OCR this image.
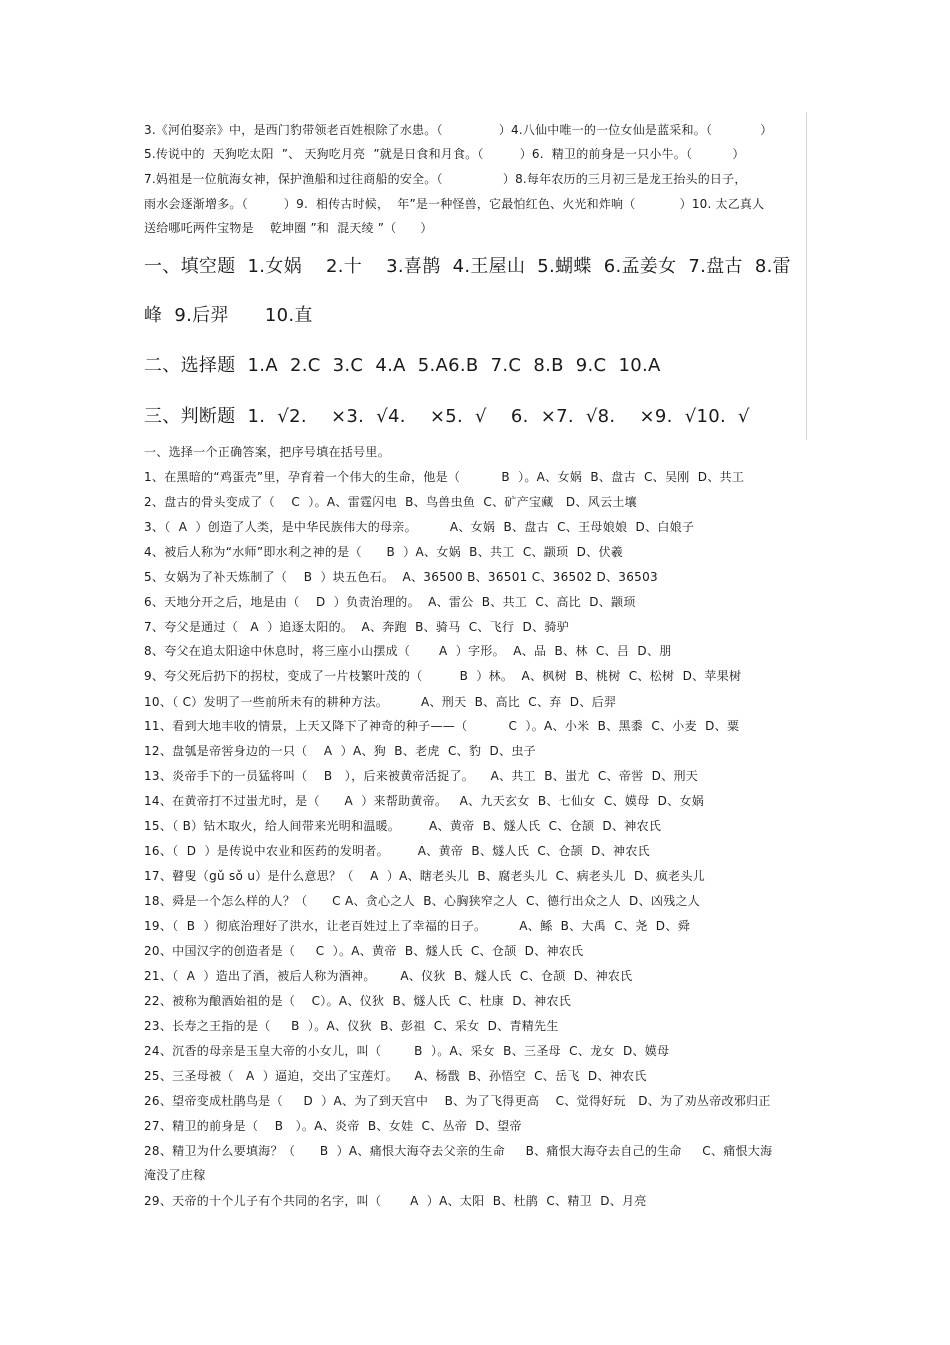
3.《河伯娶亲》中，是西门豹带领老百姓根除了水患。（              ）4.八仙中唯一的一位女仙是蓝采和。（            ）
5.传说中的  天狗吃太阳  ”、 天狗吃月亮  ”就是日食和月食。（         ）6.  精卫的前身是一只小牛。（          ）
7.妈祖是一位航海女神，保护渔船和过往商船的安全。（               ）8.每年农历的三月初三是龙王抬头的日子，
雨水会逐渐增多。（         ）9.  相传古时候，  年”是一种怪兽，它最怕红色、火光和炸响（           ）10. 太乙真人
送给哪吒两件宝物是    乾坤圈 ”和  混天绫 ”（      ）
一、填空题  1.女娲    2.十    3.喜鹊  4.王屋山  5.蝴蝶  6.孟姜女  7.盘古  8.雷
峰  9.后羿      10.直
二、选择题  1.A  2.C  3.C  4.A  5.A6.B  7.C  8.B  9.C  10.A
三、判断题  1.  √2.    ×3.  √4.    ×5.  √    6.  ×7.  √8.    ×9.  √10.  √
一、选择一个正确答案，把序号填在括号里。
1、在黑暗的“鸡蛋壳”里，孕育着一个伟大的生命，他是（          B  ）。A、女娲  B、盘古  C、吴刚  D、共工
2、盘古的骨头变成了（    C  ）。A、雷霆闪电  B、鸟兽虫鱼  C、矿产宝藏   D、风云土壤
3、（  A  ）创造了人类，是中华民族伟大的母亲。        A、女娲  B、盘古  C、王母娘娘  D、白娘子
4、被后人称为“水师”即水利之神的是（      B  ）A、女娲  B、共工  C、颛顼  D、伏羲
5、女娲为了补天炼制了（    B  ）块五色石。  A、36500 B、36501 C、36502 D、36503
6、天地分开之后，地是由（    D  ）负责治理的。  A、雷公  B、共工  C、高比  D、颛顼
7、夸父是通过（   A  ）追逐太阳的。  A、奔跑  B、骑马  C、飞行  D、骑驴
8、夸父在追太阳途中休息时，将三座小山摆成（       A  ）字形。  A、品  B、林  C、吕  D、朋
9、夸父死后扔下的拐杖，变成了一片枝繁叶茂的（         B  ）林。  A、枫树  B、桃树  C、松树  D、苹果树
10、（ C）发明了一些前所未有的耕种方法。        A、刑天  B、高比  C、弃  D、后羿
11、看到大地丰收的情景，上天又降下了神奇的种子——（          C  ）。A、小米  B、黑黍  C、小麦  D、粟
12、盘瓠是帝喾身边的一只（    A  ）A、狗  B、老虎  C、豹  D、虫子
13、炎帝手下的一员猛将叫（    B   ），后来被黄帝活捉了。    A、共工  B、蚩尤  C、帝喾  D、刑天
14、在黄帝打不过蚩尤时，是（      A  ）来帮助黄帝。   A、九天玄女  B、七仙女  C、嫫母  D、女娲
15、（ B）钻木取火，给人间带来光明和温暖。       A、黄帝  B、燧人氏  C、仓颉  D、神农氏
16、（  D  ）是传说中农业和医药的发明者。       A、黄帝  B、燧人氏  C、仓颉  D、神农氏
17、瞽叟（gǔ sǒ u）是什么意思？（    A  ）A、瞎老头儿  B、腐老头儿  C、病老头儿  D、疯老头儿
18、舜是一个怎么样的人？（      C A、贪心之人  B、心胸狭窄之人  C、德行出众之人  D、凶残之人
19、（  B  ）彻底治理好了洪水，让老百姓过上了幸福的日子。        A、鲧  B、大禹  C、尧  D、舜
20、中国汉字的创造者是（     C  ）。A、黄帝  B、燧人氏  C、仓颉  D、神农氏
21、（  A  ）造出了酒，被后人称为酒神。      A、仪狄  B、燧人氏  C、仓颉  D、神农氏
22、被称为酿酒始祖的是（    C）。A、仪狄  B、燧人氏  C、杜康  D、神农氏
23、长寿之王指的是（     B  ）。A、仪狄  B、彭祖  C、采女  D、青精先生
24、沉香的母亲是玉皇大帝的小女儿，叫（        B  ）。A、采女  B、三圣母  C、龙女  D、嫫母
25、三圣母被（   A  ）逼迫，交出了宝莲灯。    A、杨戬  B、孙悟空  C、岳飞  D、神农氏
26、望帝变成杜鹃鸟是（     D  ）A、为了到天宫中    B、为了飞得更高    C、觉得好玩   D、为了劝丛帝改邪归正
27、精卫的前身是（    B   ）。A、炎帝  B、女娃  C、丛帝  D、望帝
28、精卫为什么要填海？（      B  ）A、痛恨大海夺去父亲的生命     B、痛恨大海夺去自己的生命     C、痛恨大海
淹没了庄稼
29、天帝的十个儿子有个共同的名字，叫（       A  ）A、太阳  B、杜鹃  C、精卫  D、月亮
